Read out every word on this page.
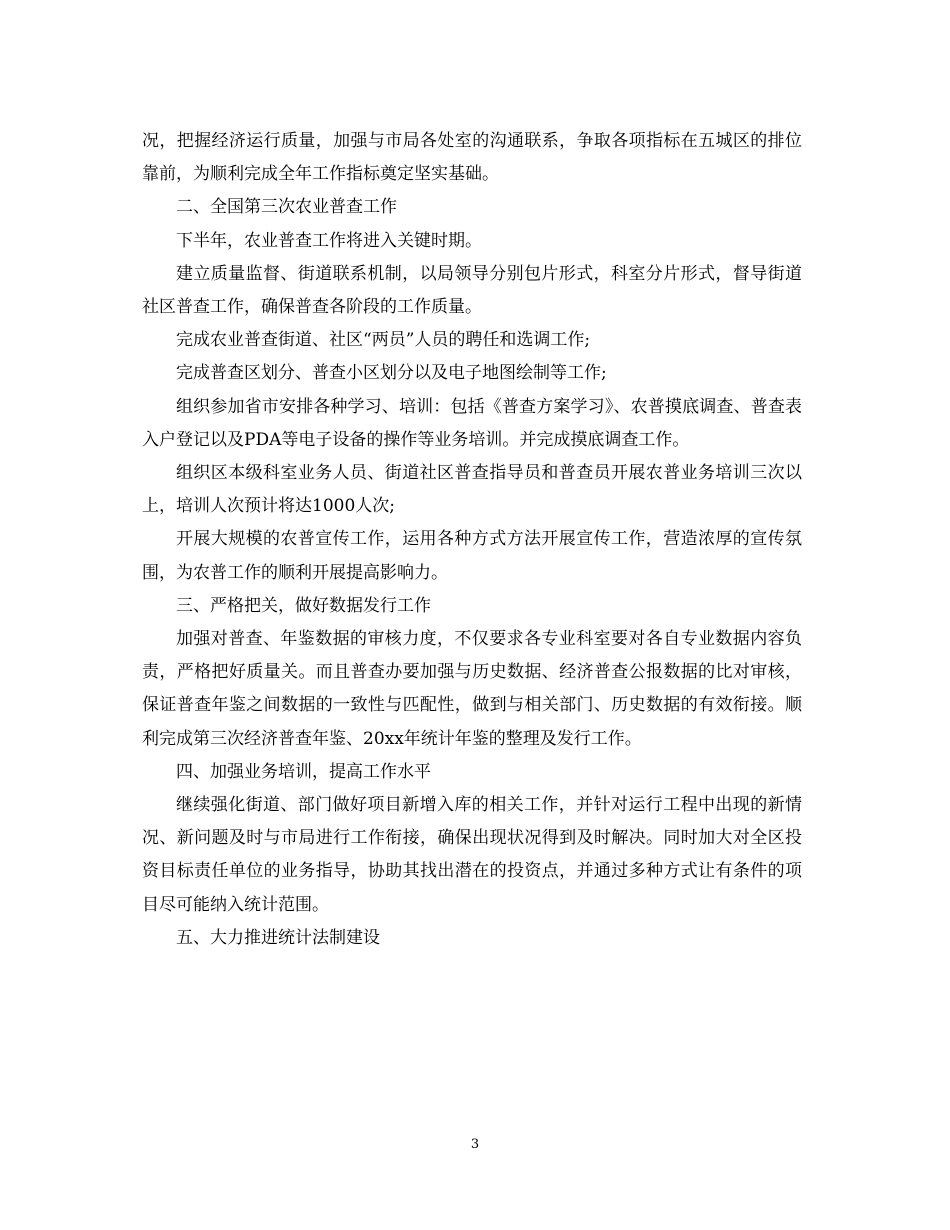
况，把握经济运行质量，加强与市局各处室的沟通联系，争取各项指标在五城区的排位靠前，为顺利完成全年工作指标奠定坚实基础。

二、全国第三次农业普查工作

下半年，农业普查工作将进入关键时期。

建立质量监督、街道联系机制，以局领导分别包片形式，科室分片形式，督导街道社区普查工作，确保普查各阶段的工作质量。

完成农业普查街道、社区“两员”人员的聘任和选调工作;

完成普查区划分、普查小区划分以及电子地图绘制等工作;

组织参加省市安排各种学习、培训：包括《普查方案学习》、农普摸底调查、普查表入户登记以及PDA等电子设备的操作等业务培训。并完成摸底调查工作。

组织区本级科室业务人员、街道社区普查指导员和普查员开展农普业务培训三次以上，培训人次预计将达1000人次;

开展大规模的农普宣传工作，运用各种方式方法开展宣传工作，营造浓厚的宣传氛围，为农普工作的顺利开展提高影响力。

三、严格把关，做好数据发行工作

加强对普查、年鉴数据的审核力度，不仅要求各专业科室要对各自专业数据内容负责，严格把好质量关。而且普查办要加强与历史数据、经济普查公报数据的比对审核，保证普查年鉴之间数据的一致性与匹配性，做到与相关部门、历史数据的有效衔接。顺利完成第三次经济普查年鉴、20xx年统计年鉴的整理及发行工作。

四、加强业务培训，提高工作水平

继续强化街道、部门做好项目新增入库的相关工作，并针对运行工程中出现的新情况、新问题及时与市局进行工作衔接，确保出现状况得到及时解决。同时加大对全区投资目标责任单位的业务指导，协助其找出潜在的投资点，并通过多种方式让有条件的项目尽可能纳入统计范围。

五、大力推进统计法制建设

3
